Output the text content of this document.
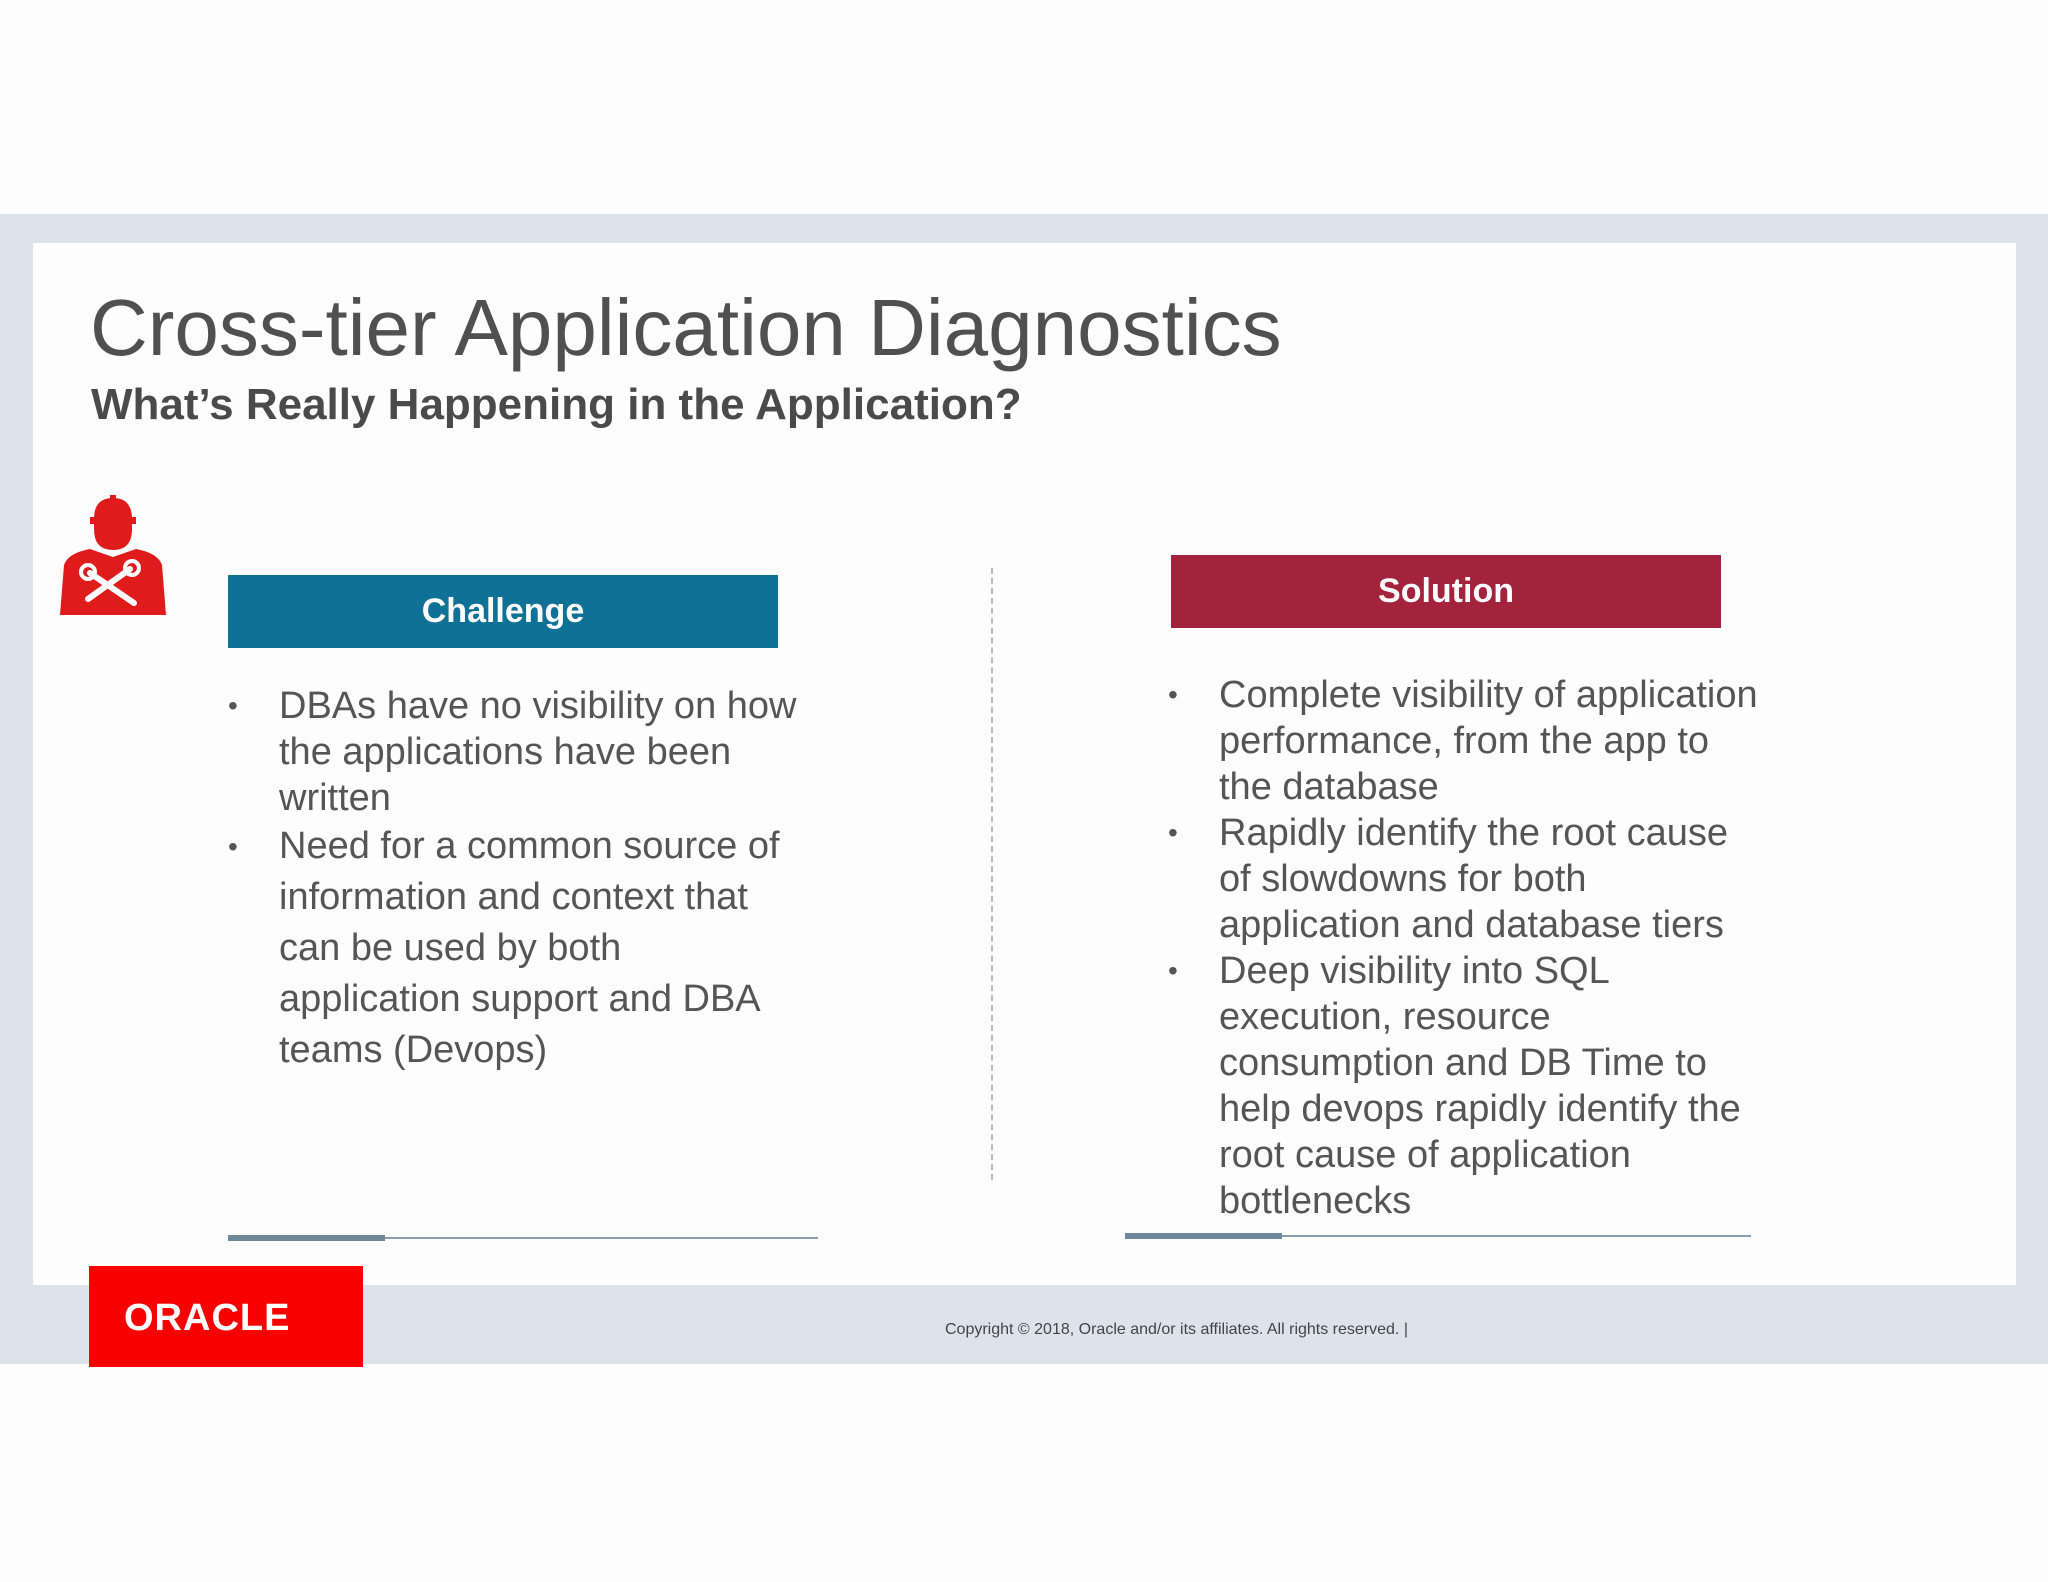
Cross-tier Application Diagnostics
What’s Really Happening in the Application?
Challenge
Solution
• DBAs have no visibility on how the applications have been written
• Need for a common source of information and context that can be used by both application support and DBA teams (Devops)
• Complete visibility of application performance, from the app to the database
• Rapidly identify the root cause of slowdowns for both application and database tiers
• Deep visibility into SQL execution, resource consumption and DB Time to help devops rapidly identify the root cause of application bottlenecks
ORACLE	Copyright © 2018, Oracle and/or its affiliates. All rights reserved. |
